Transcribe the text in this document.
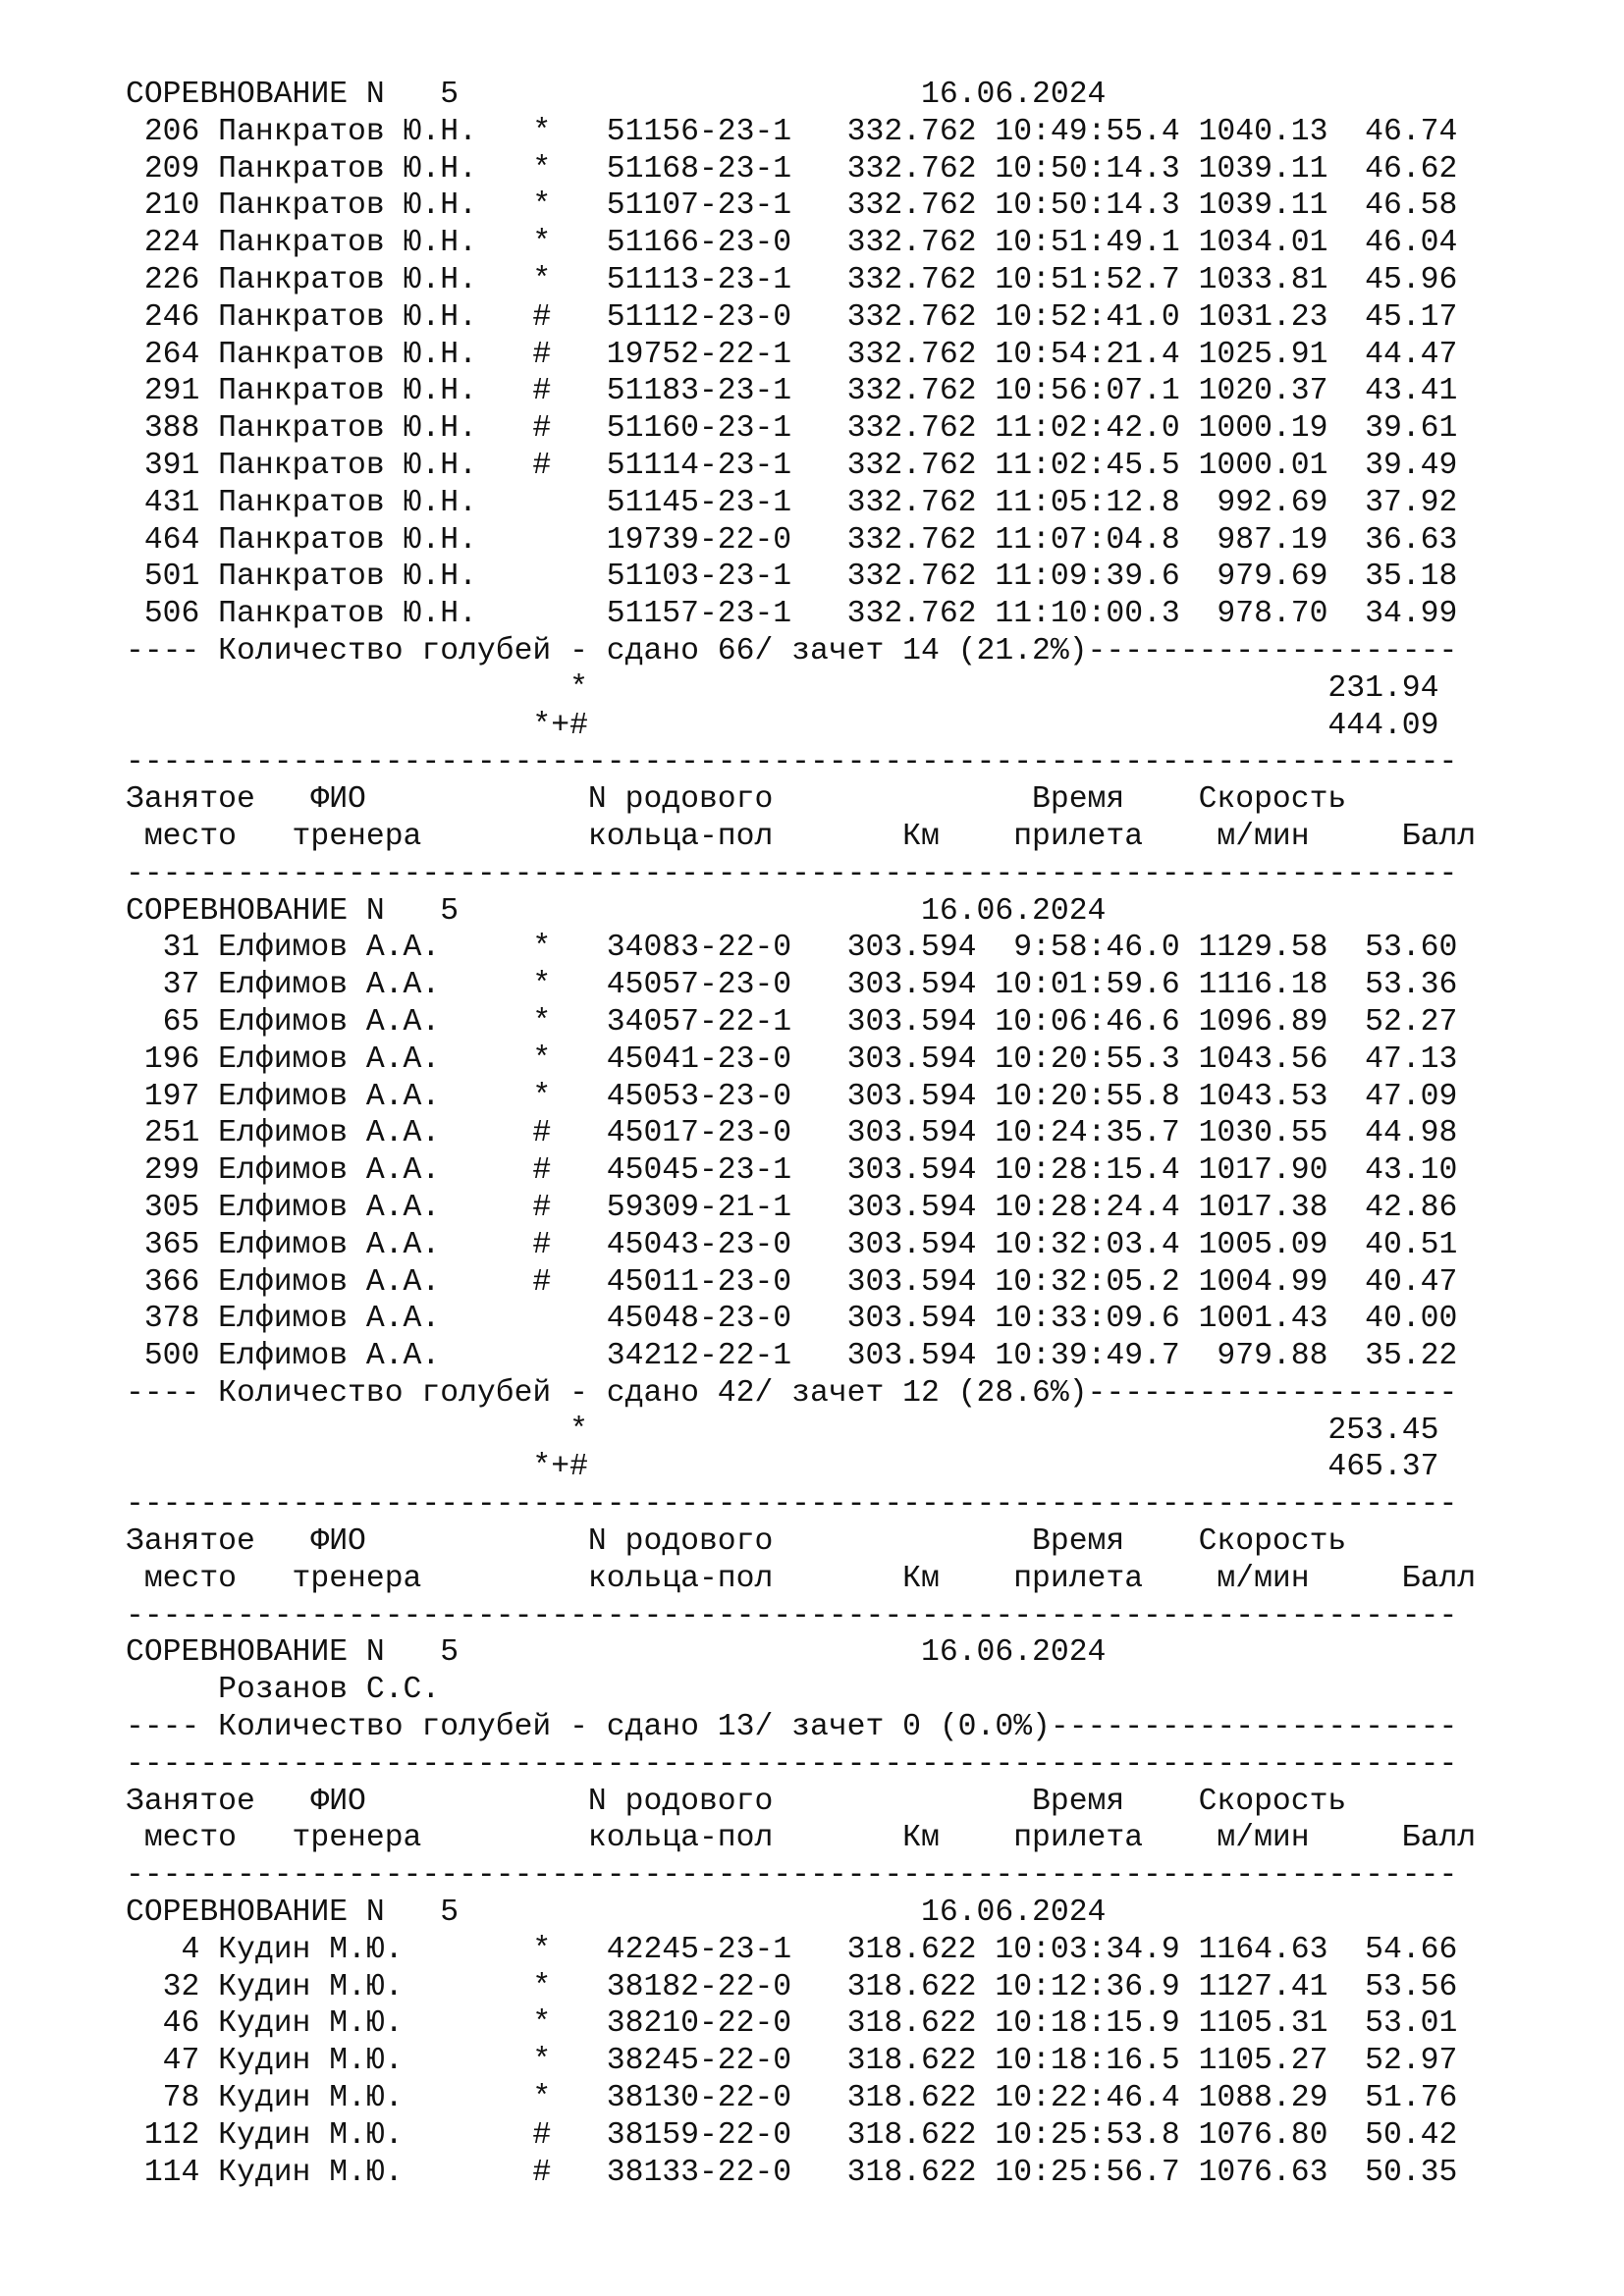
СОРЕВНОВАНИЕ N   5                         16.06.2024
206 Панкратов Ю.Н.   *   51156-23-1   332.762 10:49:55.4 1040.13  46.74
209 Панкратов Ю.Н.   *   51168-23-1   332.762 10:50:14.3 1039.11  46.62
210 Панкратов Ю.Н.   *   51107-23-1   332.762 10:50:14.3 1039.11  46.58
224 Панкратов Ю.Н.   *   51166-23-0   332.762 10:51:49.1 1034.01  46.04
226 Панкратов Ю.Н.   *   51113-23-1   332.762 10:51:52.7 1033.81  45.96
246 Панкратов Ю.Н.   #   51112-23-0   332.762 10:52:41.0 1031.23  45.17
264 Панкратов Ю.Н.   #   19752-22-1   332.762 10:54:21.4 1025.91  44.47
291 Панкратов Ю.Н.   #   51183-23-1   332.762 10:56:07.1 1020.37  43.41
388 Панкратов Ю.Н.   #   51160-23-1   332.762 11:02:42.0 1000.19  39.61
391 Панкратов Ю.Н.   #   51114-23-1   332.762 11:02:45.5 1000.01  39.49
431 Панкратов Ю.Н.       51145-23-1   332.762 11:05:12.8  992.69  37.92
464 Панкратов Ю.Н.       19739-22-0   332.762 11:07:04.8  987.19  36.63
501 Панкратов Ю.Н.       51103-23-1   332.762 11:09:39.6  979.69  35.18
506 Панкратов Ю.Н.       51157-23-1   332.762 11:10:00.3  978.70  34.99
---- Количество голубей - сдано 66/ зачет 14 (21.2%)--------------------
*                                        231.94
*+#                                        444.09
------------------------------------------------------------------------
Занятое   ФИО            N родового              Время    Скорость
место   тренера         кольца-пол       Км    прилета    м/мин     Балл
------------------------------------------------------------------------
СОРЕВНОВАНИЕ N   5                         16.06.2024
31 Елфимов А.А.     *   34083-22-0   303.594  9:58:46.0 1129.58  53.60
37 Елфимов А.А.     *   45057-23-0   303.594 10:01:59.6 1116.18  53.36
65 Елфимов А.А.     *   34057-22-1   303.594 10:06:46.6 1096.89  52.27
196 Елфимов А.А.     *   45041-23-0   303.594 10:20:55.3 1043.56  47.13
197 Елфимов А.А.     *   45053-23-0   303.594 10:20:55.8 1043.53  47.09
251 Елфимов А.А.     #   45017-23-0   303.594 10:24:35.7 1030.55  44.98
299 Елфимов А.А.     #   45045-23-1   303.594 10:28:15.4 1017.90  43.10
305 Елфимов А.А.     #   59309-21-1   303.594 10:28:24.4 1017.38  42.86
365 Елфимов А.А.     #   45043-23-0   303.594 10:32:03.4 1005.09  40.51
366 Елфимов А.А.     #   45011-23-0   303.594 10:32:05.2 1004.99  40.47
378 Елфимов А.А.         45048-23-0   303.594 10:33:09.6 1001.43  40.00
500 Елфимов А.А.         34212-22-1   303.594 10:39:49.7  979.88  35.22
---- Количество голубей - сдано 42/ зачет 12 (28.6%)--------------------
*                                        253.45
*+#                                        465.37
------------------------------------------------------------------------
Занятое   ФИО            N родового              Время    Скорость
место   тренера         кольца-пол       Км    прилета    м/мин     Балл
------------------------------------------------------------------------
СОРЕВНОВАНИЕ N   5                         16.06.2024
Розанов С.С.
---- Количество голубей - сдано 13/ зачет 0 (0.0%)----------------------
------------------------------------------------------------------------
Занятое   ФИО            N родового              Время    Скорость
место   тренера         кольца-пол       Км    прилета    м/мин     Балл
------------------------------------------------------------------------
СОРЕВНОВАНИЕ N   5                         16.06.2024
4 Кудин М.Ю.       *   42245-23-1   318.622 10:03:34.9 1164.63  54.66
32 Кудин М.Ю.       *   38182-22-0   318.622 10:12:36.9 1127.41  53.56
46 Кудин М.Ю.       *   38210-22-0   318.622 10:18:15.9 1105.31  53.01
47 Кудин М.Ю.       *   38245-22-0   318.622 10:18:16.5 1105.27  52.97
78 Кудин М.Ю.       *   38130-22-0   318.622 10:22:46.4 1088.29  51.76
112 Кудин М.Ю.       #   38159-22-0   318.622 10:25:53.8 1076.80  50.42
114 Кудин М.Ю.       #   38133-22-0   318.622 10:25:56.7 1076.63  50.35
